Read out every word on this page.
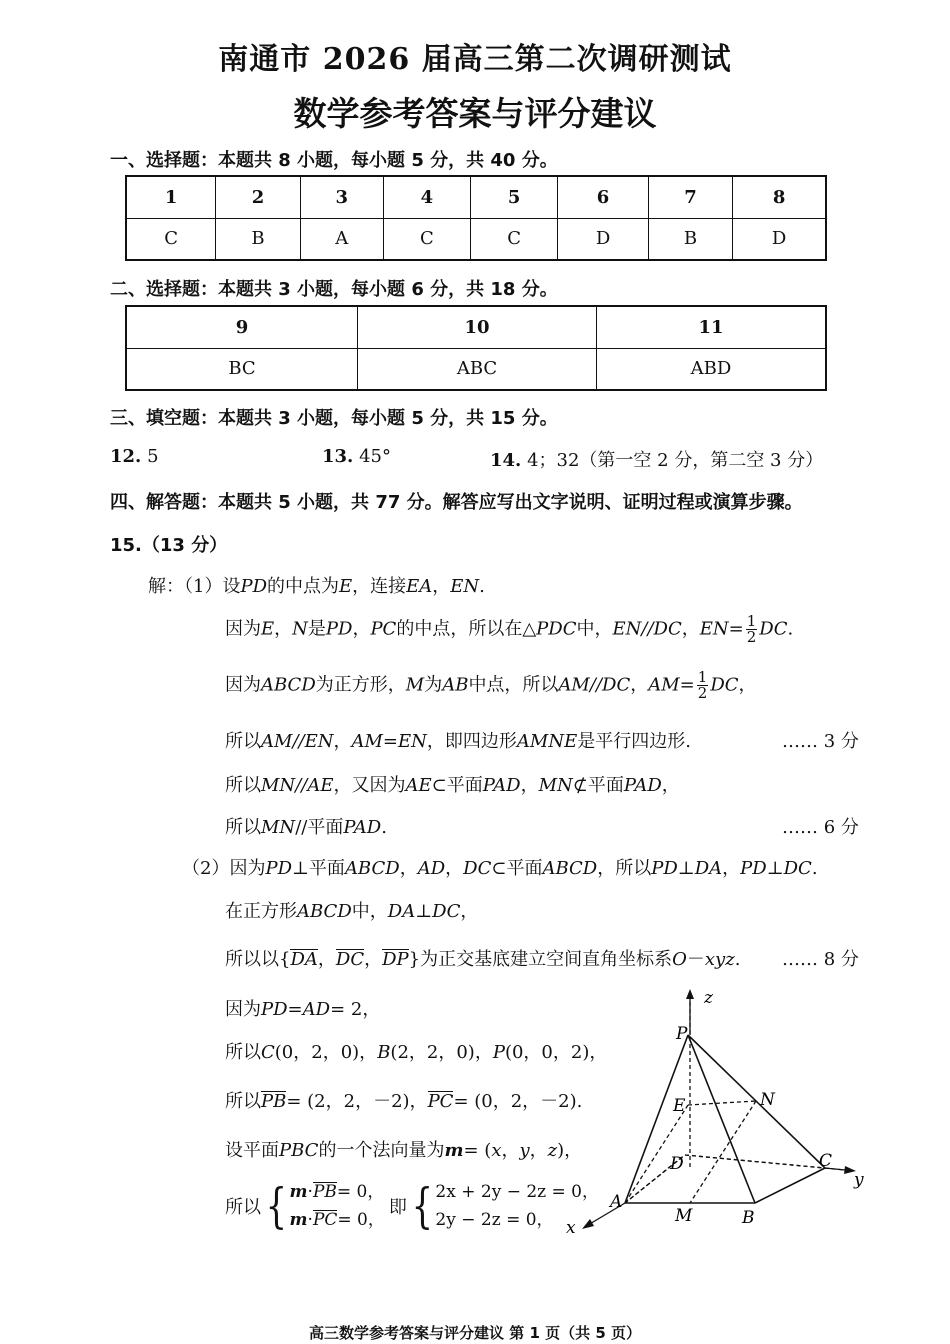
南通市 2026 届高三第二次调研测试
数学参考答案与评分建议
一、选择题：本题共 8 小题，每小题 5 分，共 40 分。
1	2	3	4	5	6	7	8
C	B	A	C	C	D	B	D
二、选择题：本题共 3 小题，每小题 6 分，共 18 分。
9	10	11
BC	ABC	ABD
三、填空题：本题共 3 小题，每小题 5 分，共 15 分。
12. 5	13. 45°	14. 4；32（第一空 2 分，第二空 3 分）
四、解答题：本题共 5 小题，共 77 分。解答应写出文字说明、证明过程或演算步骤。
15.（13 分）
解：（1）设PD的中点为E，连接EA，EN.
因为E，N是PD，PC的中点，所以在△PDC中，EN//DC，$EN= \frac{1}{2}$ DC.
因为ABCD为正方形，M为AB中点，所以AM//DC，$AM= \frac{1}{2}$ DC，
所以AM//EN，AM=EN，即四边形AMNE是平行四边形.	…… 3 分
所以MN//AE，又因为AE⊂平面PAD，MN⊄平面PAD，
所以MN//平面PAD.	…… 6 分
（2）因为PD⊥平面ABCD，AD，DC⊂平面ABCD，所以PD⊥DA，PD⊥DC.
在正方形ABCD中，DA⊥DC，
所以以{DA，DC，DP}为正交基底建立空间直角坐标系O－xyz. …… 8 分
因为PD=AD= 2，
所以C(0，2，0)，B(2，2，0)，P(0，0，2)，
所以PB= (2，2，－2)，PC= (0，2，－2).
设平面PBC的一个法向量为m= (x，y，z)，
所以{ m·PB= 0，
m·PC= 0，
即{ 2x + 2y − 2z = 0，
2y − 2z = 0，
z
y
x
P
E	N
D	C
A
M	B
高三数学参考答案与评分建议 第 1 页（共 5 页）
